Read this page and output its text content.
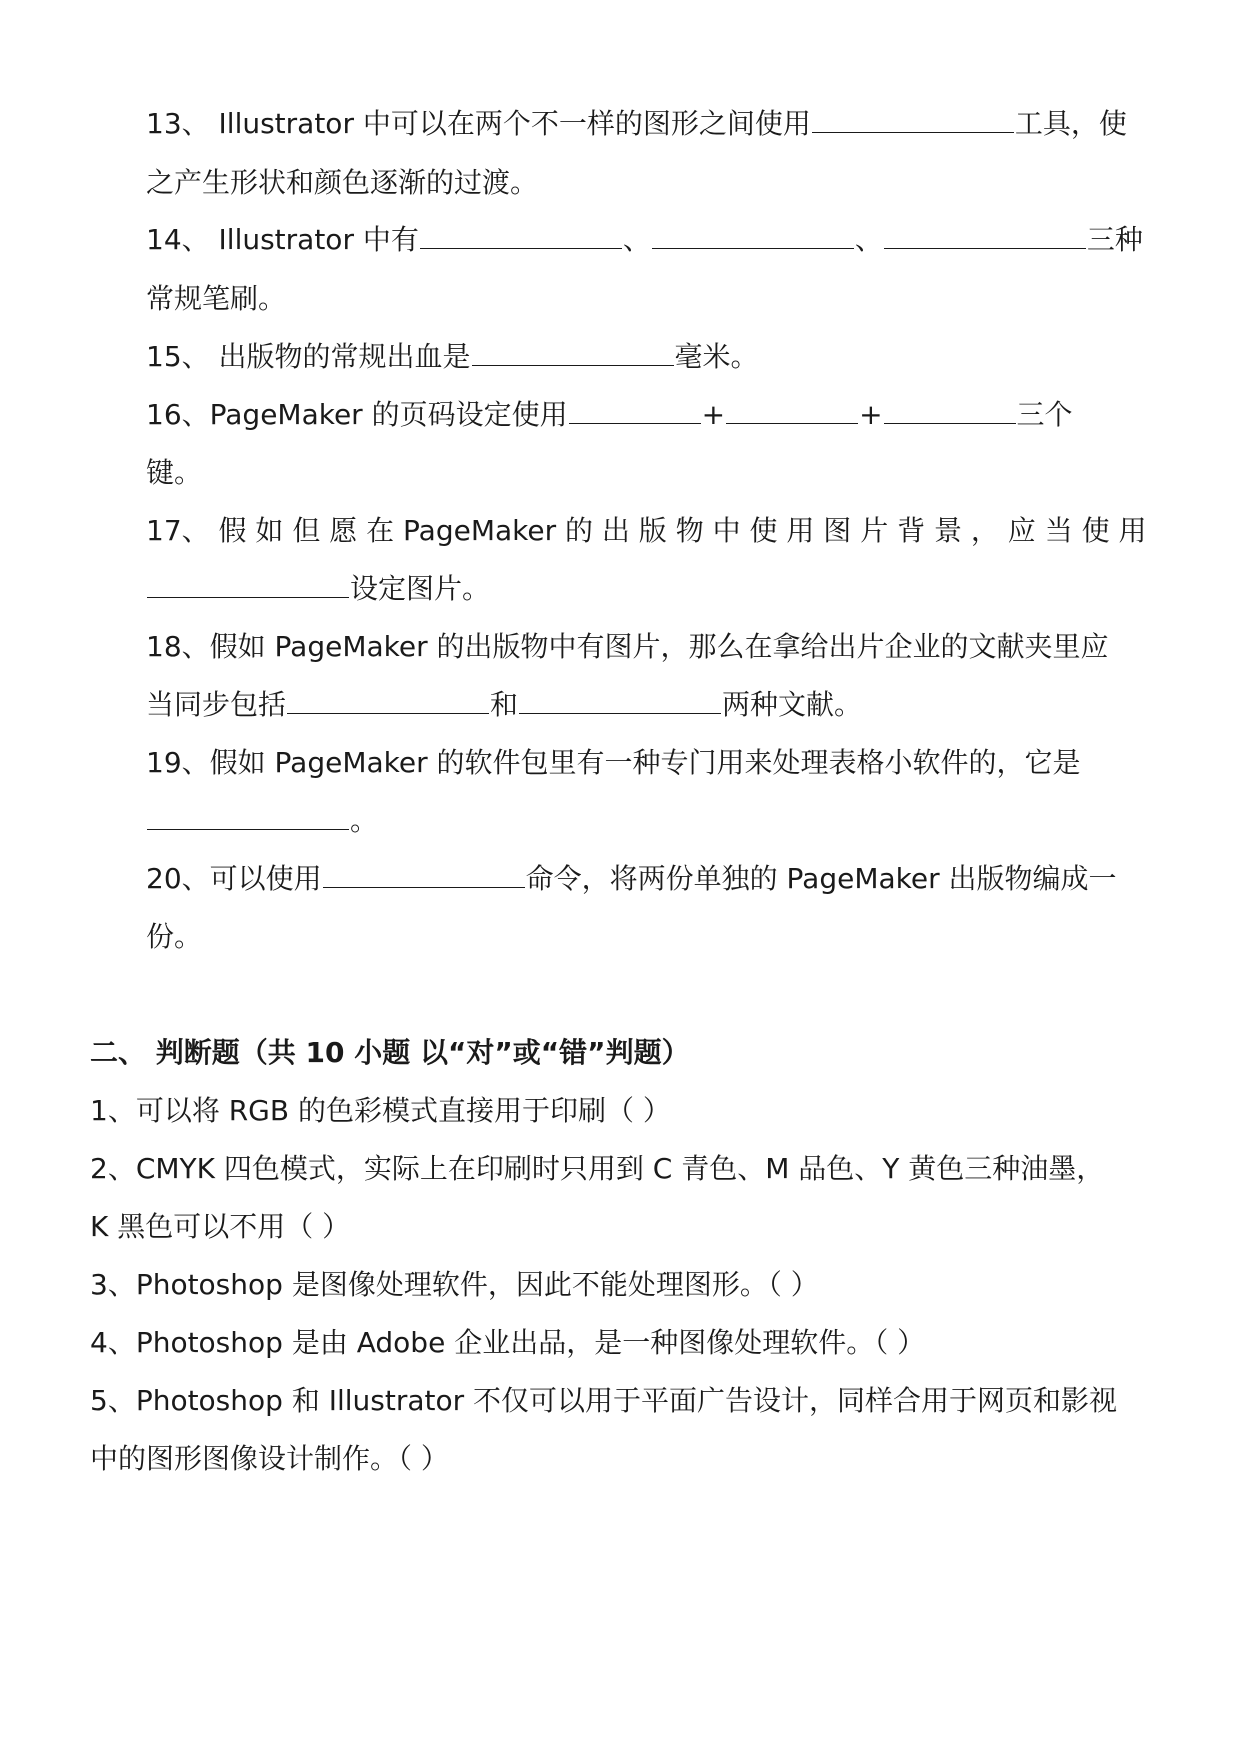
13、 Illustrator 中可以在两个不一样的图形之间使用	工具，使
之产生形状和颜色逐渐的过渡。
14、 Illustrator 中有	、	、	三种
常规笔刷。
15、 出版物的常规出血是	毫米。
16、PageMaker 的页码设定使用	+	+	三个
键。
17、 假 如 但 愿 在 PageMaker 的 出 版 物 中 使 用 图 片 背 景 ， 应 当 使 用
设定图片。
18、假如 PageMaker 的出版物中有图片，那么在拿给出片企业的文献夹里应
当同步包括	和	两种文献。
19、假如 PageMaker 的软件包里有一种专门用来处理表格小软件的，它是
。
20、可以使用	命令，将两份单独的 PageMaker 出版物编成一
份。
二、 判断题（共 10 小题 以“对”或“错”判题）
1、可以将 RGB 的色彩模式直接用于印刷（ ）
2、CMYK 四色模式，实际上在印刷时只用到 C 青色、M 品色、Y 黄色三种油墨，
K 黑色可以不用（ ）
3、Photoshop 是图像处理软件，因此不能处理图形。（ ）
4、Photoshop 是由 Adobe 企业出品，是一种图像处理软件。（ ）
5、Photoshop 和 Illustrator 不仅可以用于平面广告设计，同样合用于网页和影视
中的图形图像设计制作。（ ）
